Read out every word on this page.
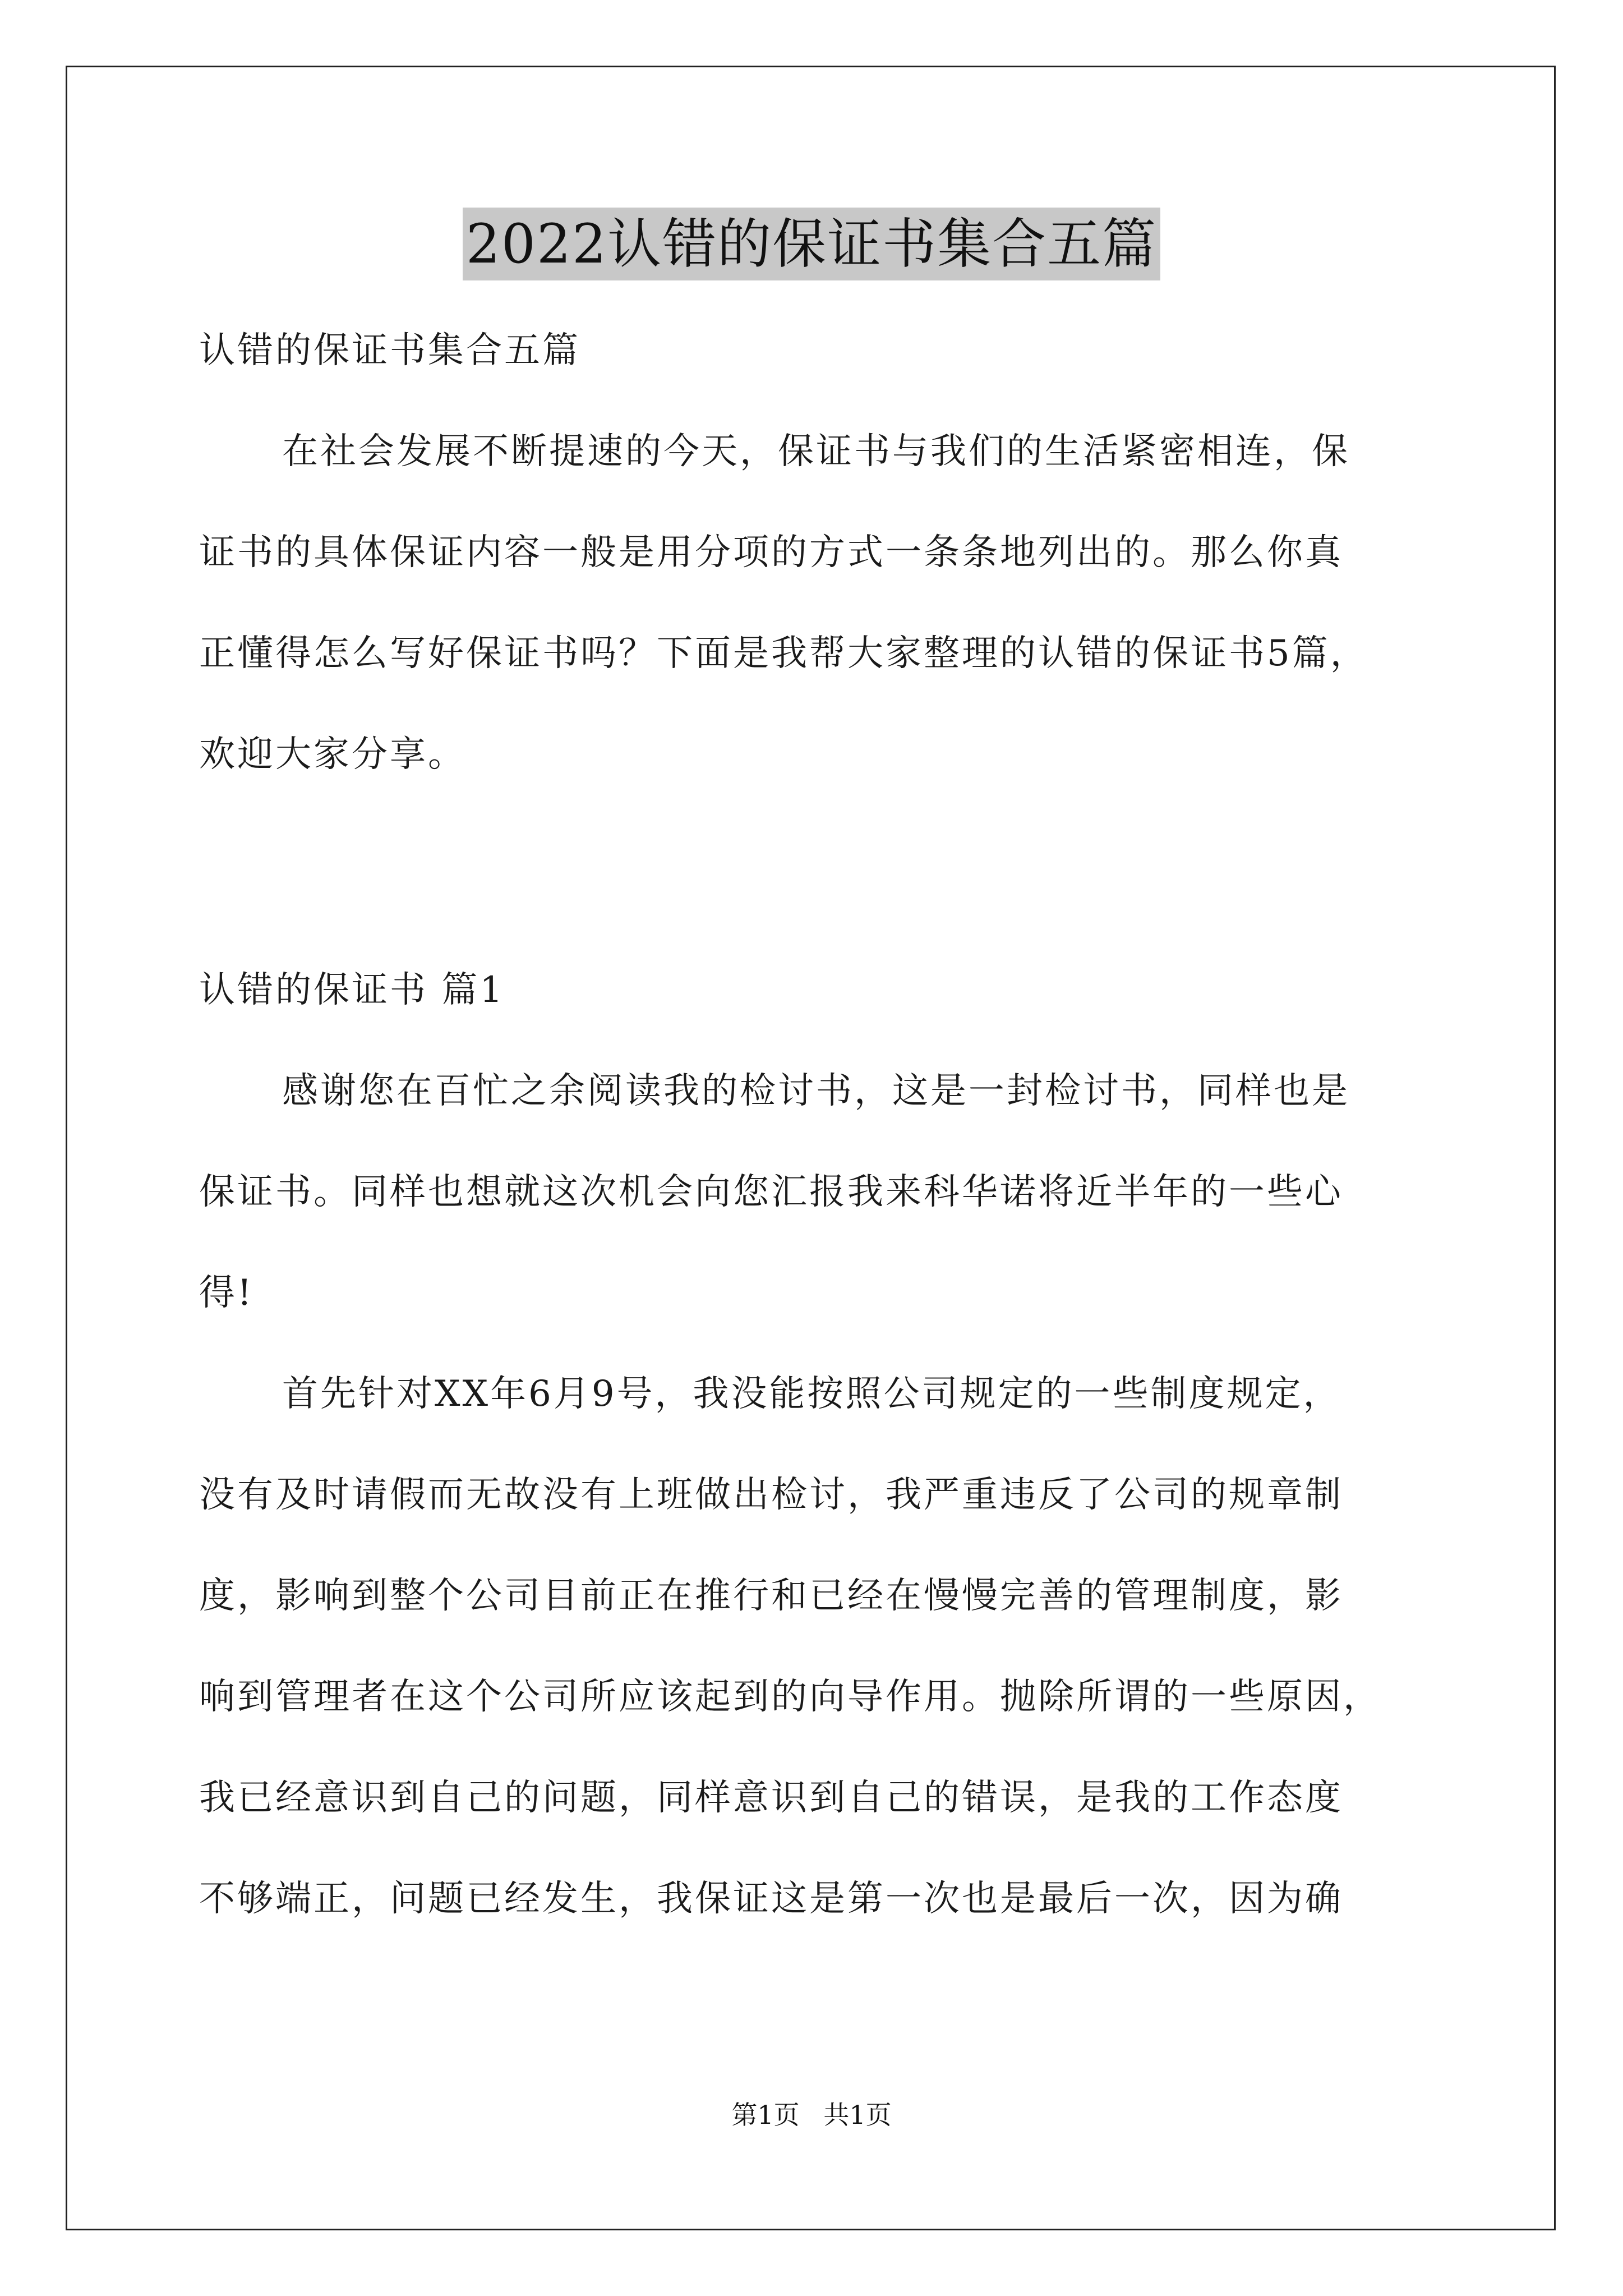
2022认错的保证书集合五篇
认错的保证书集合五篇
在社会发展不断提速的今天，保证书与我们的生活紧密相连，保
证书的具体保证内容一般是用分项的方式一条条地列出的。那么你真
正懂得怎么写好保证书吗？下面是我帮大家整理的认错的保证书5篇，
欢迎大家分享。
认错的保证书 篇1
感谢您在百忙之余阅读我的检讨书，这是一封检讨书，同样也是
保证书。同样也想就这次机会向您汇报我来科华诺将近半年的一些心
得!
首先针对XX年6月9号，我没能按照公司规定的一些制度规定，
没有及时请假而无故没有上班做出检讨，我严重违反了公司的规章制
度，影响到整个公司目前正在推行和已经在慢慢完善的管理制度，影
响到管理者在这个公司所应该起到的向导作用。抛除所谓的一些原因，
我已经意识到自己的问题，同样意识到自己的错误，是我的工作态度
不够端正，问题已经发生，我保证这是第一次也是最后一次，因为确
第1页 共1页
